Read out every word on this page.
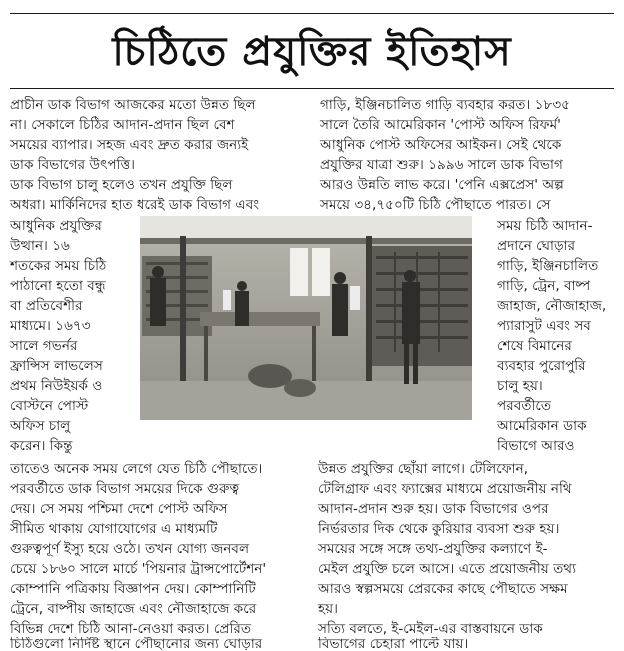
চিঠিতে প্রযুক্তির ইতিহাস
প্রাচীন ডাক বিভাগ আজকের মতো উন্নত ছিল
না। সেকালে চিঠির আদান-প্রদান ছিল বেশ
সময়ের ব্যাপার। সহজ এবং দ্রুত করার জন্যই
ডাক বিভাগের উৎপত্তি।
ডাক বিভাগ চালু হলেও তখন প্রযুক্তি ছিল
অধরা। মার্কিনিদের হাত ধরেই ডাক বিভাগ এবং
আধুনিক প্রযুক্তির
উত্থান। ১৬
শতকের সময় চিঠি
পাঠানো হতো বন্ধু
বা প্রতিবেশীর
মাধ্যমে। ১৬৭৩
সালে গভর্নর
ফ্রান্সিস লাভলেস
প্রথম নিউইয়র্ক ও
বোস্টনে পোস্ট
অফিস চালু
করেন। কিন্তু
তাতেও অনেক সময় লেগে যেত চিঠি পৌছাতে।
পরবর্তীতে ডাক বিভাগ সময়ের দিকে গুরুত্ব
দেয়। সে সময় পশ্চিমা দেশে পোস্ট অফিস
সীমিত থাকায় যোগাযোগের এ মাধ্যমটি
গুরুত্বপূর্ণ ইস্যু হয়ে ওঠে। তখন যোগ্য জনবল
চেয়ে ১৮৬০ সালে মার্চে 'পিয়নার ট্রান্সপোর্টেশন'
কোম্পানি পত্রিকায় বিজ্ঞাপন দেয়। কোম্পানিটি
ট্রেনে, বাষ্পীয় জাহাজে এবং নৌজাহাজে করে
বিভিন্ন দেশে চিঠি আনা-নেওয়া করত। প্রেরিত
চিঠিগুলো নির্দিষ্ট স্থানে পৌছানোর জন্য ঘোড়ার
গাড়ি, ইঞ্জিনচালিত গাড়ি ব্যবহার করত। ১৮৩৫
সালে তৈরি আমেরিকান 'পোস্ট অফিস রিফর্ম'
আধুনিক পোস্ট অফিসের আইকন। সেই থেকে
প্রযুক্তির যাত্রা শুরু। ১৯৯৬ সালে ডাক বিভাগ
আরও উন্নতি লাভ করে। 'পেনি এক্সপ্রেস' অল্প
সময়ে ৩৪,৭৫০টি চিঠি পৌছাতে পারত। সে
সময় চিঠি আদান-
প্রদানে ঘোড়ার
গাড়ি, ইঞ্জিনচালিত
গাড়ি, ট্রেন, বাষ্প
জাহাজ, নৌজাহাজ,
প্যারাসুট এবং সব
শেষে বিমানের
ব্যবহার পুরোপুরি
চালু হয়।
পরবর্তীতে
আমেরিকান ডাক
বিভাগে আরও
উন্নত প্রযুক্তির ছোঁয়া লাগে। টেলিফোন,
টেলিগ্রাফ এবং ফ্যাক্সের মাধ্যমে প্রয়োজনীয় নথি
আদান-প্রদান শুরু হয়। ডাক বিভাগের ওপর
নির্ভরতার দিক থেকে কুরিয়ার ব্যবসা শুরু হয়।
সময়ের সঙ্গে সঙ্গে তথ্য-প্রযুক্তির কল্যাণে ই-
মেইল প্রযুক্তি চলে আসে। এতে প্রয়োজনীয় তথ্য
আরও স্বল্পসময়ে প্রেরকের কাছে পৌছাতে সক্ষম
হয়।
সত্যি বলতে, ই-মেইল-এর বাস্তবায়নে ডাক
বিভাগের চেহারা পাল্টে যায়।
